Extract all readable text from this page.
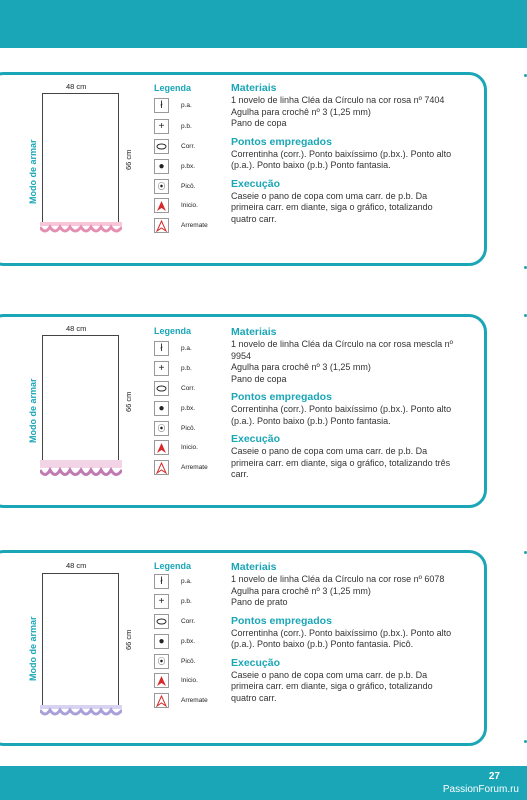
48 cm
66 cm
Modo de armar
Legenda
ł	p.a.
+	p.b.
Corr.
●	p.bx.
⦿	Picô.
Inicio.
Arremate
Materiais
1 novelo de linha Cléa da Círculo na cor rosa nº 7404
Agulha para crochê nº 3 (1,25 mm)
Pano de copa
Pontos empregados
Correntinha (corr.). Ponto baixíssimo (p.bx.). Ponto alto (p.a.). Ponto baixo (p.b.) Ponto fantasia.
Execução
Caseie o pano de copa com uma carr. de p.b. Da primeira carr. em diante, siga o gráfico, totalizando quatro carr.
48 cm
66 cm
Modo de armar
Legenda
ł	p.a.
+	p.b.
Corr.
●	p.bx.
⦿	Picô.
Inicio.
Arremate
Materiais
1 novelo de linha Cléa da Círculo na cor rosa mescla nº 9954
Agulha para crochê nº 3 (1,25 mm)
Pano de copa
Pontos empregados
Correntinha (corr.). Ponto baixíssimo (p.bx.). Ponto alto (p.a.). Ponto baixo (p.b.) Ponto fantasia.
Execução
Caseie o pano de copa com uma carr. de p.b. Da primeira carr. em diante, siga o gráfico, totalizando três carr.
48 cm
66 cm
Modo de armar
Legenda
ł	p.a.
+	p.b.
Corr.
●	p.bx.
⦿	Picô.
Inicio.
Arremate
Materiais
1 novelo de linha Cléa da Círculo na cor rose nº 6078
Agulha para crochê nº 3 (1,25 mm)
Pano de prato
Pontos empregados
Correntinha (corr.). Ponto baixíssimo (p.bx.). Ponto alto (p.a.). Ponto baixo (p.b.) Ponto fantasia. Picô.
Execução
Caseie o pano de copa com uma carr. de p.b. Da primeira carr. em diante, siga o gráfico, totalizando quatro carr.
27
PassionForum.ru
